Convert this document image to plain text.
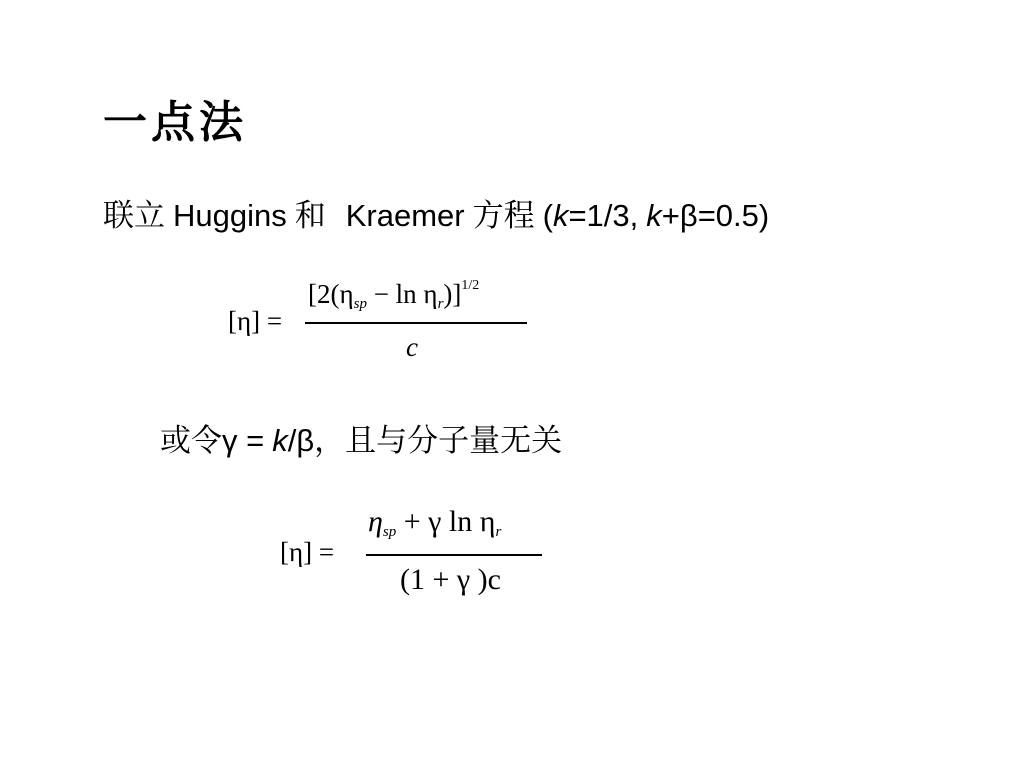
一点法
联立 Huggins 和 Kraemer 方程 (k=1/3, k+β=0.5)
[η] =
$[2(\eta_{sp} - \ln \eta_r)]^{1/2}$
c
或令γ = k/β，且与分子量无关
[η] =
$\eta_{sp} + \gamma$ $\ln \eta_r$
(1 + γ )c
